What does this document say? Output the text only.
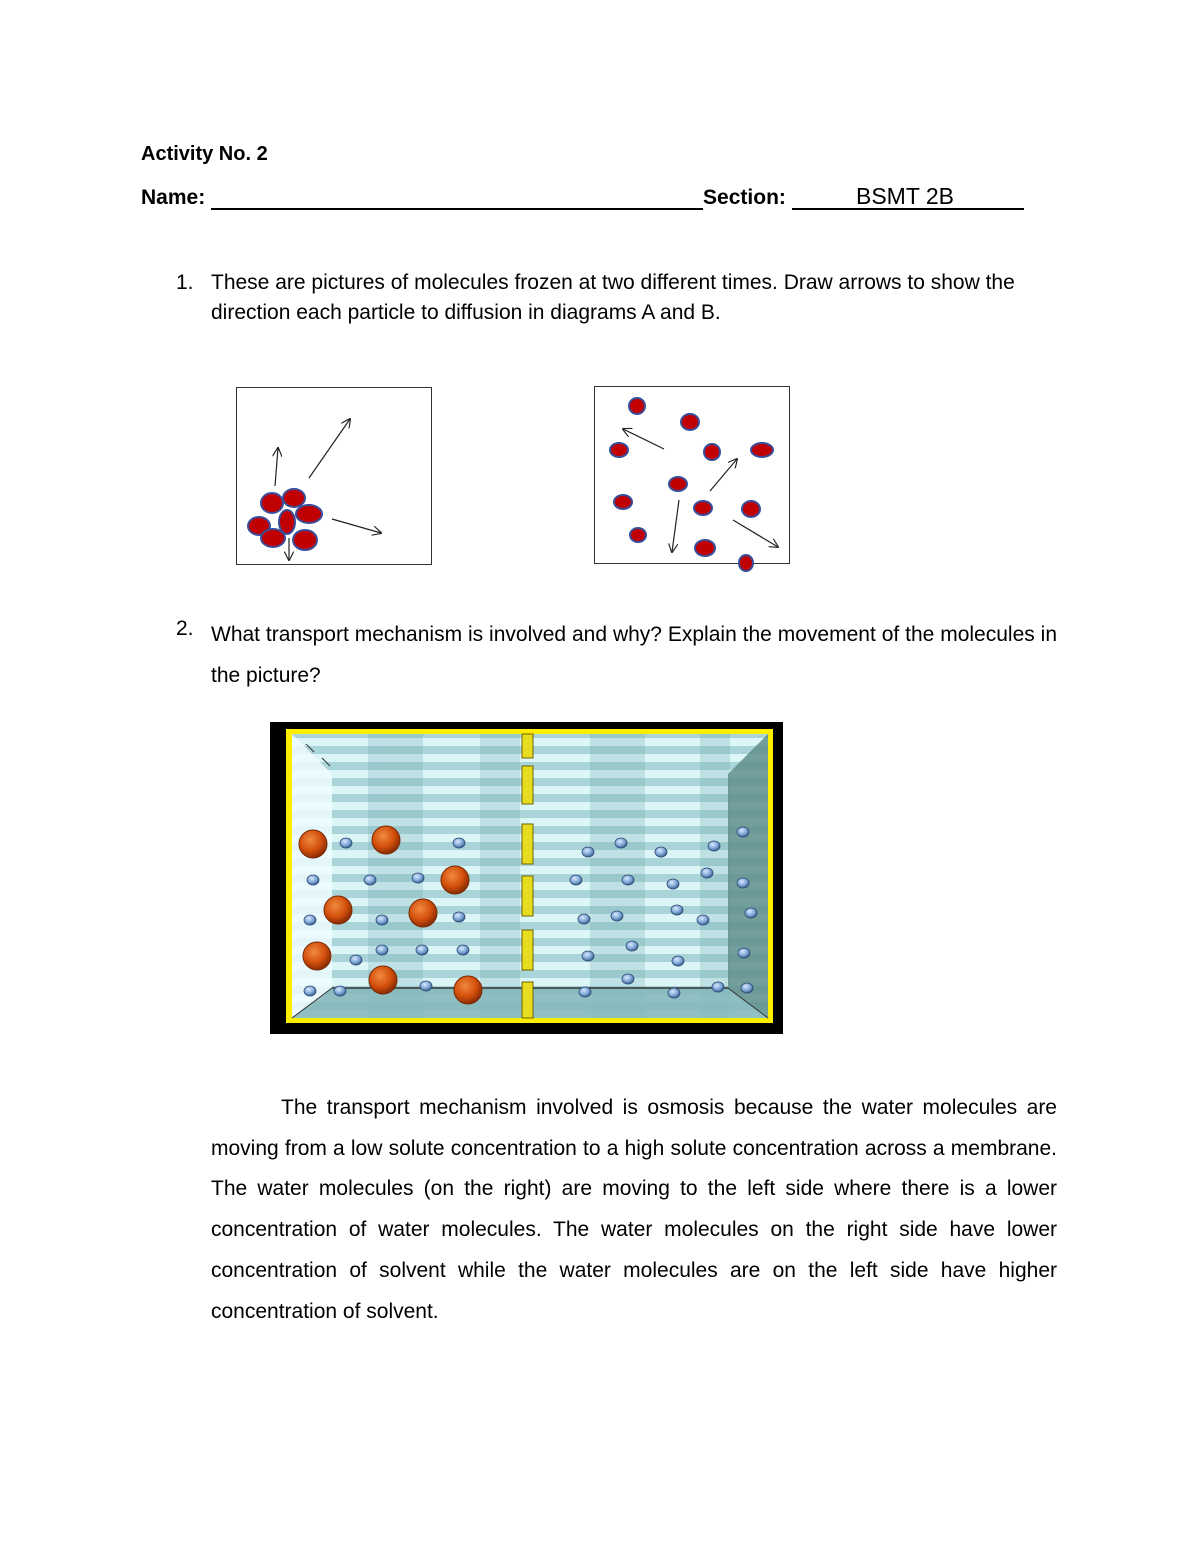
Activity No. 2
Name:	Section:	BSMT 2B
1. These are pictures of molecules frozen at two different times. Draw arrows to show the direction each particle to diffusion in diagrams A and B.
2. What transport mechanism is involved and why? Explain the movement of the molecules in the picture?
The transport mechanism involved is osmosis because the water molecules are moving from a low solute concentration to a high solute concentration across a membrane. The water molecules (on the right) are moving to the left side where there is a lower concentration of water molecules. The water molecules on the right side have lower concentration of solvent while the water molecules are on the left side have higher concentration of solvent.
